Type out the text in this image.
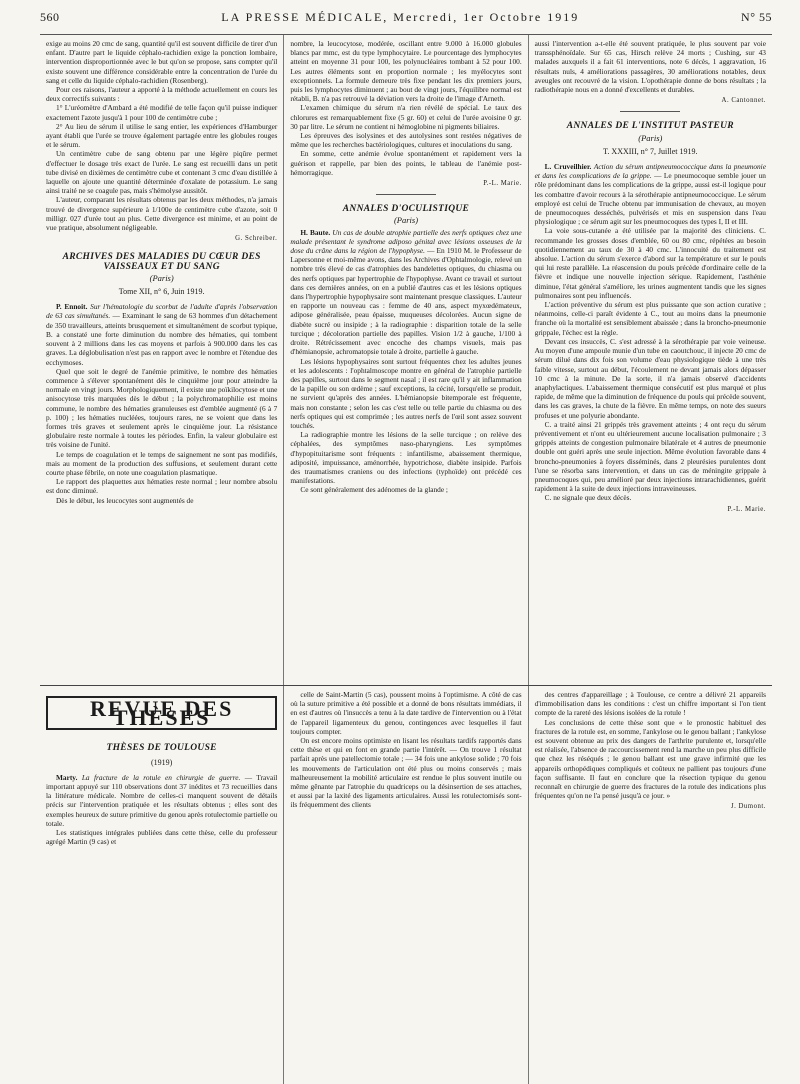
560	LA PRESSE MÉDICALE, Mercredi, 1er Octobre 1919	N° 55

exige au moins 20 cmc de sang, quantité qu'il est souvent difficile de tirer d'un enfant. D'autre part le liquide céphalo-rachidien exige la ponction lombaire, intervention disproportionnée avec le but qu'on se propose, sans compter qu'il existe souvent une différence considérable entre la concentration de l'urée du sang et celle du liquide céphalo-rachidien (Rosenberg).

Pour ces raisons, l'auteur a apporté à la méthode actuellement en cours les deux correctifs suivants :

1° L'uréomètre d'Ambard a été modifié de telle façon qu'il puisse indiquer exactement l'azote jusqu'à 1 pour 100 de centimètre cube ;

2° Au lieu de sérum il utilise le sang entier, les expériences d'Hamburger ayant établi que l'urée se trouve également partagée entre les globules rouges et le sérum.

Un centimètre cube de sang obtenu par une légère piqûre permet d'effectuer le dosage très exact de l'urée. Le sang est recueilli dans un petit tube divisé en dixièmes de centimètre cube et contenant 3 cmc d'eau distillée à laquelle on ajoute une quantité déterminée d'oxalate de potassium. Le sang ainsi traité ne se coagule pas, mais s'hémolyse aussitôt.

L'auteur, comparant les résultats obtenus par les deux méthodes, n'a jamais trouvé de divergence supérieure à 1/100e de centimètre cube d'azote, soit 0 milligr. 027 d'urée tout au plus. Cette divergence est minime, et au point de vue pratique, absolument négligeable.

G. Schreiber.
ARCHIVES DES MALADIES DU CŒUR DES VAISSEAUX ET DU SANG
(Paris)
Tome XII, n° 6, Juin 1919.

P. Ennoit. Sur l'hématologie du scorbut de l'adulte d'après l'observation de 63 cas simultanés. — Examinant le sang de 63 hommes d'un détachement de 350 travailleurs, atteints brusquement et simultanément de scorbut typique, B. a constaté une forte diminution du nombre des hématies, qui tombent souvent à 2 millions dans les cas moyens et parfois à 900.000 dans les cas graves. La déglobulisation n'est pas en rapport avec le nombre et l'étendue des ecchymoses.

Quel que soit le degré de l'anémie primitive, le nombre des hématies commence à s'élever spontanément dès le cinquième jour pour atteindre la normale en vingt jours. Morphologiquement, il existe une poïkilocytose et une anisocytose très marquées dès le début ; la polychromatophilie est moins commune, le nombre des hématies granuleuses est d'emblée augmenté (6 à 7 p. 100) ; les hématies nucléées, toujours rares, ne se voient que dans les formes très graves et seulement après le cinquième jour. La résistance globulaire reste normale à toutes les périodes. Enfin, la valeur globulaire est très voisine de l'unité.

Le temps de coagulation et le temps de saignement ne sont pas modifiés, mais au moment de la production des suffusions, et seulement durant cette courte phase fébrile, on note une coagulation plasmatique.

Le rapport des plaquettes aux hématies reste normal ; leur nombre absolu est donc diminué.

Dès le début, les leucocytes sont augmentés de

nombre, la leucocytose, modérée, oscillant entre 9.000 à 16.000 globules blancs par mmc, est du type lymphocytaire. Le pourcentage des lymphocytes atteint en moyenne 31 pour 100, les polynucléaires tombant à 52 pour 100. Les autres éléments sont en proportion normale ; les myélocytes sont exceptionnels. La formule demeure très fixe pendant les dix premiers jours, puis les lymphocytes diminuent ; au bout de vingt jours, l'équilibre normal est rétabli, B. n'a pas retrouvé la déviation vers la droite de l'image d'Arneth.

L'examen chimique du sérum n'a rien révélé de spécial. Le taux des chlorures est remarquablement fixe (5 gr. 60) et celui de l'urée avoisine 0 gr. 30 par litre. Le sérum ne contient ni hémoglobine ni pigments biliaires.

Les épreuves des isolysines et des autolysines sont restées négatives de même que les recherches bactériologiques, cultures et inoculations du sang.

En somme, cette anémie évolue spontanément et rapidement vers la guérison et rappelle, par bien des points, le tableau de l'anémie post-hémorragique.

P.-L. Marie.
ANNALES D'OCULISTIQUE
(Paris)

H. Baute. Un cas de double atrophie partielle des nerfs optiques chez une malade présentant le syndrome adiposo génital avec lésions osseuses de la dose du crâne dans la région de l'hypophyse. — En 1910 M. le Professeur de Lapersonne et moi-même avons, dans les Archives d'Ophtalmologie, relevé un nombre très élevé de cas d'atrophies des bandelettes optiques, du chiasma ou des nerfs optiques par hypertrophie de l'hypophyse. Avant ce travail et surtout dans ces dernières années, on en a publié d'autres cas et les lésions optiques dans l'hypertrophie hypophysaire sont maintenant presque classiques. L'auteur en rapporte un nouveau cas : femme de 40 ans, aspect myxœdémateux, adipose généralisée, peau épaisse, muqueuses décolorées. Aucun signe de diabète sucré ou insipide ; à la radiographie : disparition totale de la selle turcique ; décoloration partielle des papilles. Vision 1/2 à gauche, 1/100 à droite. Rétrécissement avec encoche des champs visuels, mais pas d'hémianopsie, achromatopsie totale à droite, partielle à gauche.

Les lésions hypophysaires sont surtout fréquentes chez les adultes jeunes et les adolescents : l'ophtalmoscope montre en général de l'atrophie partielle des papilles, surtout dans le segment nasal ; il est rare qu'il y ait inflammation de la papille ou son œdème ; sauf exceptions, la cécité, lorsqu'elle se produit, ne survient qu'après des années. L'hémianopsie bitemporale est fréquente, mais non constante ; selon les cas c'est telle ou telle partie du chiasma ou des nerfs optiques qui est comprimée ; les autres nerfs de l'œil sont assez souvent touchés.

La radiographie montre les lésions de la selle turcique ; on relève des céphalées, des symptômes naso-pharyngiens. Les symptômes d'hypopituitarisme sont fréquents : infantilisme, abaissement thermique, adiposité, impuissance, aménorrhée, hypotrichose, diabète insipide. Parfois des traumatismes craniens ou des infections (typhoïde) ont précédé ces manifestations.

Ce sont généralement des adénomes de la glande ;

aussi l'intervention a-t-elle été souvent pratiquée, le plus souvent par voie transsphénoïdale. Sur 65 cas, Hirsch relève 24 morts ; Cushing, sur 43 malades auxquels il a fait 61 interventions, note 6 décès, 1 aggravation, 16 résultats nuls, 4 améliorations passagères, 30 améliorations notables, deux aveugles ont recouvré de la vision. L'opothérapie donne de bons résultats ; la radiothérapie nous en a donné d'excellents et durables.

A. Cantonnet.
ANNALES DE L'INSTITUT PASTEUR
(Paris)
T. XXXIII, n° 7, Juillet 1919.

L. Cruveilhier. Action du sérum antipneumococcique dans la pneumonie et dans les complications de la grippe. — Le pneumocoque semble jouer un rôle prédominant dans les complications de la grippe, aussi est-il logique pour les combattre d'avoir recours à la sérothérapie antipneumococcique. Le sérum employé est celui de Truche obtenu par immunisation de chevaux, au moyen de pneumocoques desséchés, pulvérisés et mis en suspension dans l'eau physiologique ; ce sérum agit sur les pneumocoques des types I, II et III.

La voie sous-cutanée a été utilisée par la majorité des cliniciens. C. recommande les grosses doses d'emblée, 60 ou 80 cmc, répétées au besoin quotidiennement au taux de 30 à 40 cmc. L'innocuité du traitement est absolue. L'action du sérum s'exerce d'abord sur la température et sur le pouls qui lui reste parallèle. La réascension du pouls précède d'ordinaire celle de la fièvre et indique une nouvelle injection sérique. Rapidement, l'asthénie diminue, l'état général s'améliore, les urines augmentent tandis que les signes pulmonaires sont peu influencés.

L'action préventive du sérum est plus puissante que son action curative ; néanmoins, celle-ci paraît évidente à C., tout au moins dans la pneumonie franche où la mortalité est sensiblement abaissée ; dans la broncho-pneumonie grippale, l'échec est la règle.

Devant ces insuccès, C. s'est adressé à la sérothérapie par voie veineuse. Au moyen d'une ampoule munie d'un tube en caoutchouc, il injecte 20 cmc de sérum dilué dans dix fois son volume d'eau physiologique tiède à une très faible vitesse, surtout au début, l'écoulement ne devant jamais alors dépasser 10 cmc à la minute. De la sorte, il n'a jamais observé d'accidents anaphylactiques. L'abaissement thermique consécutif est plus marqué et plus rapide, de même que la diminution de fréquence du pouls qui précède souvent, dans les cas graves, la chute de la fièvre. En même temps, on note des sueurs profuses et une polyurie abondante.

C. a traité ainsi 21 grippés très gravement atteints ; 4 ont reçu du sérum préventivement et n'ont eu ultérieurement aucune localisation pulmonaire ; 3 grippés atteints de congestion pulmonaire bilatérale et 4 autres de pneumonie double ont guéri après une seule injection. Même évolution favorable dans 4 broncho-pneumonies à foyers disséminés, dans 2 pleurésies purulentes dont l'une se résorba sans intervention, et dans un cas de méningite grippale à pneumocoques qui, peu amélioré par deux injections intrarachidiennes, guérit rapidement à la suite de deux injections intraveineuses.

C. ne signale que deux décès.

P.-L. Marie.
REVUE DES THÈSES
THÈSES DE TOULOUSE
(1919)

Marty. La fracture de la rotule en chirurgie de guerre. — Travail important appuyé sur 110 observations dont 37 inédites et 73 recueillies dans la littérature médicale. Nombre de celles-ci manquent souvent de détails précis sur l'intervention pratiquée et les résultats obtenus ; elles sont des exemples heureux de suture primitive du genou après rotulectomie partielle ou totale.

Les statistiques intégrales publiées dans cette thèse, celle du professeur agrégé Martin (9 cas) et

celle de Saint-Martin (5 cas), poussent moins à l'optimisme. A côté de cas où la suture primitive a été possible et a donné de bons résultats immédiats, il en est d'autres où l'insuccès a tenu à la date tardive de l'intervention ou à l'état de l'appareil ligamenteux du genou, contingences avec lesquelles il faut toujours compter.

On est encore moins optimiste en lisant les résultats tardifs rapportés dans cette thèse et qui en font en grande partie l'intérêt. — On trouve 1 résultat parfait après une patellectomie totale ; — 34 fois une ankylose solide ; 70 fois les mouvements de l'articulation ont été plus ou moins conservés ; mais malheureusement la mobilité articulaire est rendue le plus souvent inutile ou même gênante par l'atrophie du quadriceps ou la désinsertion de ses attaches, et aussi par la laxité des ligaments articulaires. Aussi les rotulectomisés sont-ils fréquemment des clients

des centres d'appareillage ; à Toulouse, ce centre a délivré 21 appareils d'immobilisation dans les conditions : c'est un chiffre important si l'on tient compte de la rareté des lésions isolées de la rotule !

Les conclusions de cette thèse sont que « le pronostic habituel des fractures de la rotule est, en somme, l'ankylose ou le genou ballant ; l'ankylose est souvent obtenue au prix des dangers de l'arthrite purulente et, lorsqu'elle est réalisée, l'absence de raccourcissement rend la marche un peu plus difficile que chez les réséqués ; le genou ballant est une grave infirmité que les appareils orthopédiques compliqués et coûteux ne pallient pas toujours d'une façon suffisante. Il faut en conclure que la résection typique du genou reconnaît en chirurgie de guerre des fractures de la rotule des indications plus fréquentes qu'on ne l'a pensé jusqu'à ce jour. »

J. Dumont.
